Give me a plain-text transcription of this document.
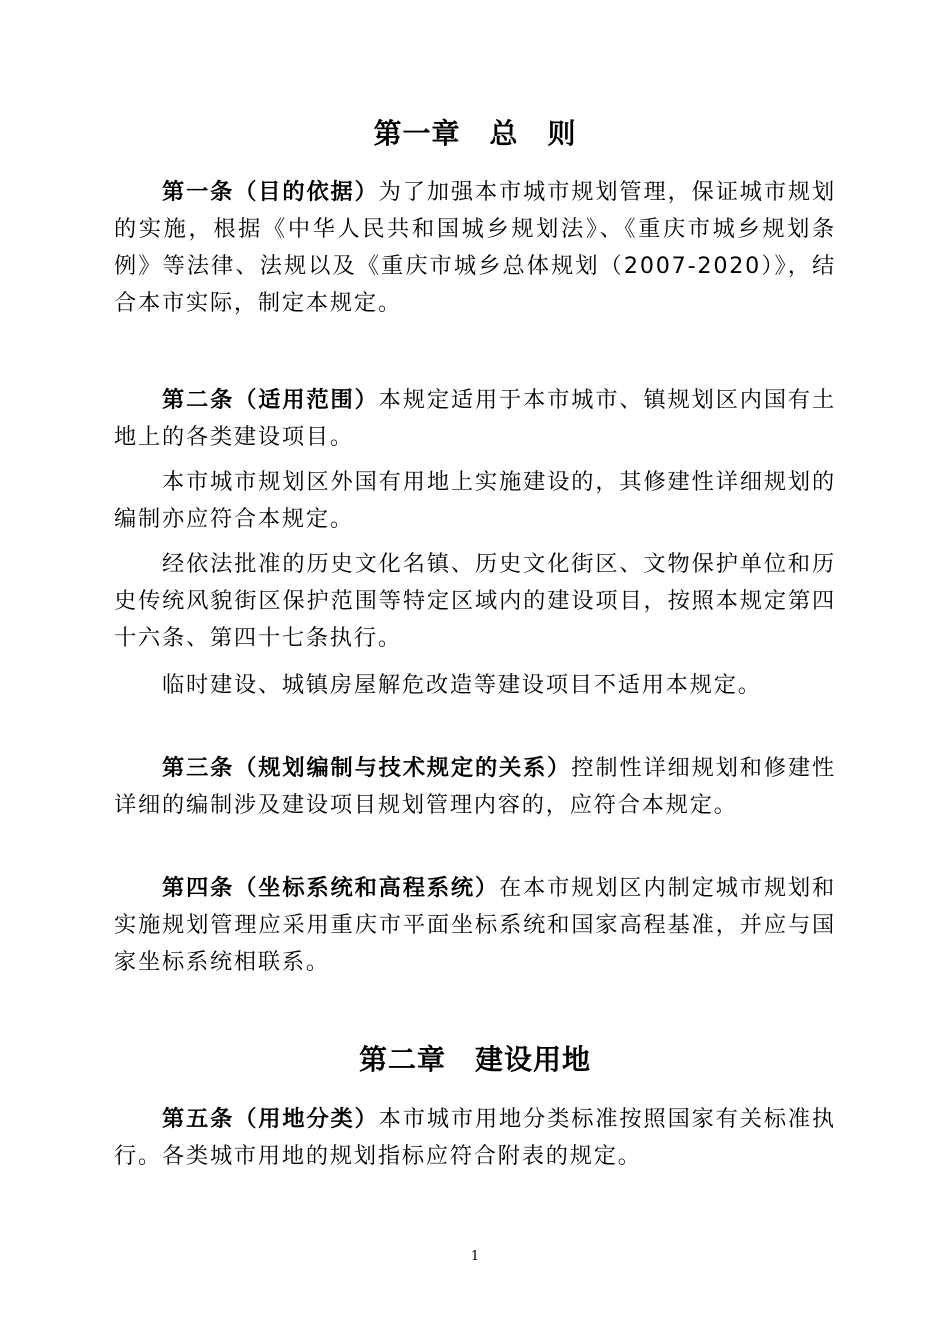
第一章　总　则

第一条（目的依据）为了加强本市城市规划管理，保证城市规划的实施，根据《中华人民共和国城乡规划法》、《重庆市城乡规划条例》等法律、法规以及《重庆市城乡总体规划（2007-2020）》，结合本市实际，制定本规定。

第二条（适用范围）本规定适用于本市城市、镇规划区内国有土地上的各类建设项目。

本市城市规划区外国有用地上实施建设的，其修建性详细规划的编制亦应符合本规定。

经依法批准的历史文化名镇、历史文化街区、文物保护单位和历史传统风貌街区保护范围等特定区域内的建设项目，按照本规定第四十六条、第四十七条执行。

临时建设、城镇房屋解危改造等建设项目不适用本规定。

第三条（规划编制与技术规定的关系）控制性详细规划和修建性详细的编制涉及建设项目规划管理内容的，应符合本规定。

第四条（坐标系统和高程系统）在本市规划区内制定城市规划和实施规划管理应采用重庆市平面坐标系统和国家高程基准，并应与国家坐标系统相联系。

第二章　建设用地

第五条（用地分类）本市城市用地分类标准按照国家有关标准执行。各类城市用地的规划指标应符合附表的规定。

1
